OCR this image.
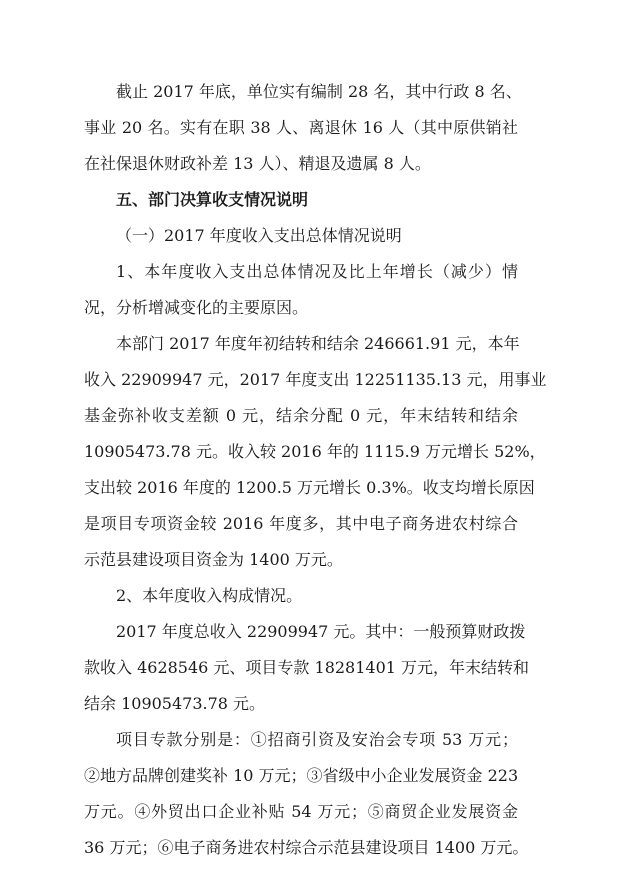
截止 2017 年底，单位实有编制 28 名，其中行政 8 名、
事业 20 名。实有在职 38 人、离退休 16 人（其中原供销社
在社保退休财政补差 13 人）、精退及遗属 8 人。
五、部门决算收支情况说明
（一）2017 年度收入支出总体情况说明
1、本年度收入支出总体情况及比上年增长（减少）情
况，分析增减变化的主要原因。
本部门 2017 年度年初结转和结余 246661.91 元，本年
收入 22909947 元，2017 年度支出 12251135.13 元，用事业
基金弥补收支差额 0 元，结余分配 0 元，年末结转和结余
10905473.78 元。收入较 2016 年的 1115.9 万元增长 52%，
支出较 2016 年度的 1200.5 万元增长 0.3%。收支均增长原因
是项目专项资金较 2016 年度多，其中电子商务进农村综合
示范县建设项目资金为 1400 万元。
2、本年度收入构成情况。
2017 年度总收入 22909947 元。其中：一般预算财政拨
款收入 4628546 元、项目专款 18281401 万元，年末结转和
结余 10905473.78 元。
项目专款分别是：①招商引资及安治会专项 53 万元；
②地方品牌创建奖补 10 万元；③省级中小企业发展资金 223
万元。④外贸出口企业补贴 54 万元；⑤商贸企业发展资金
36 万元；⑥电子商务进农村综合示范县建设项目 1400 万元。
